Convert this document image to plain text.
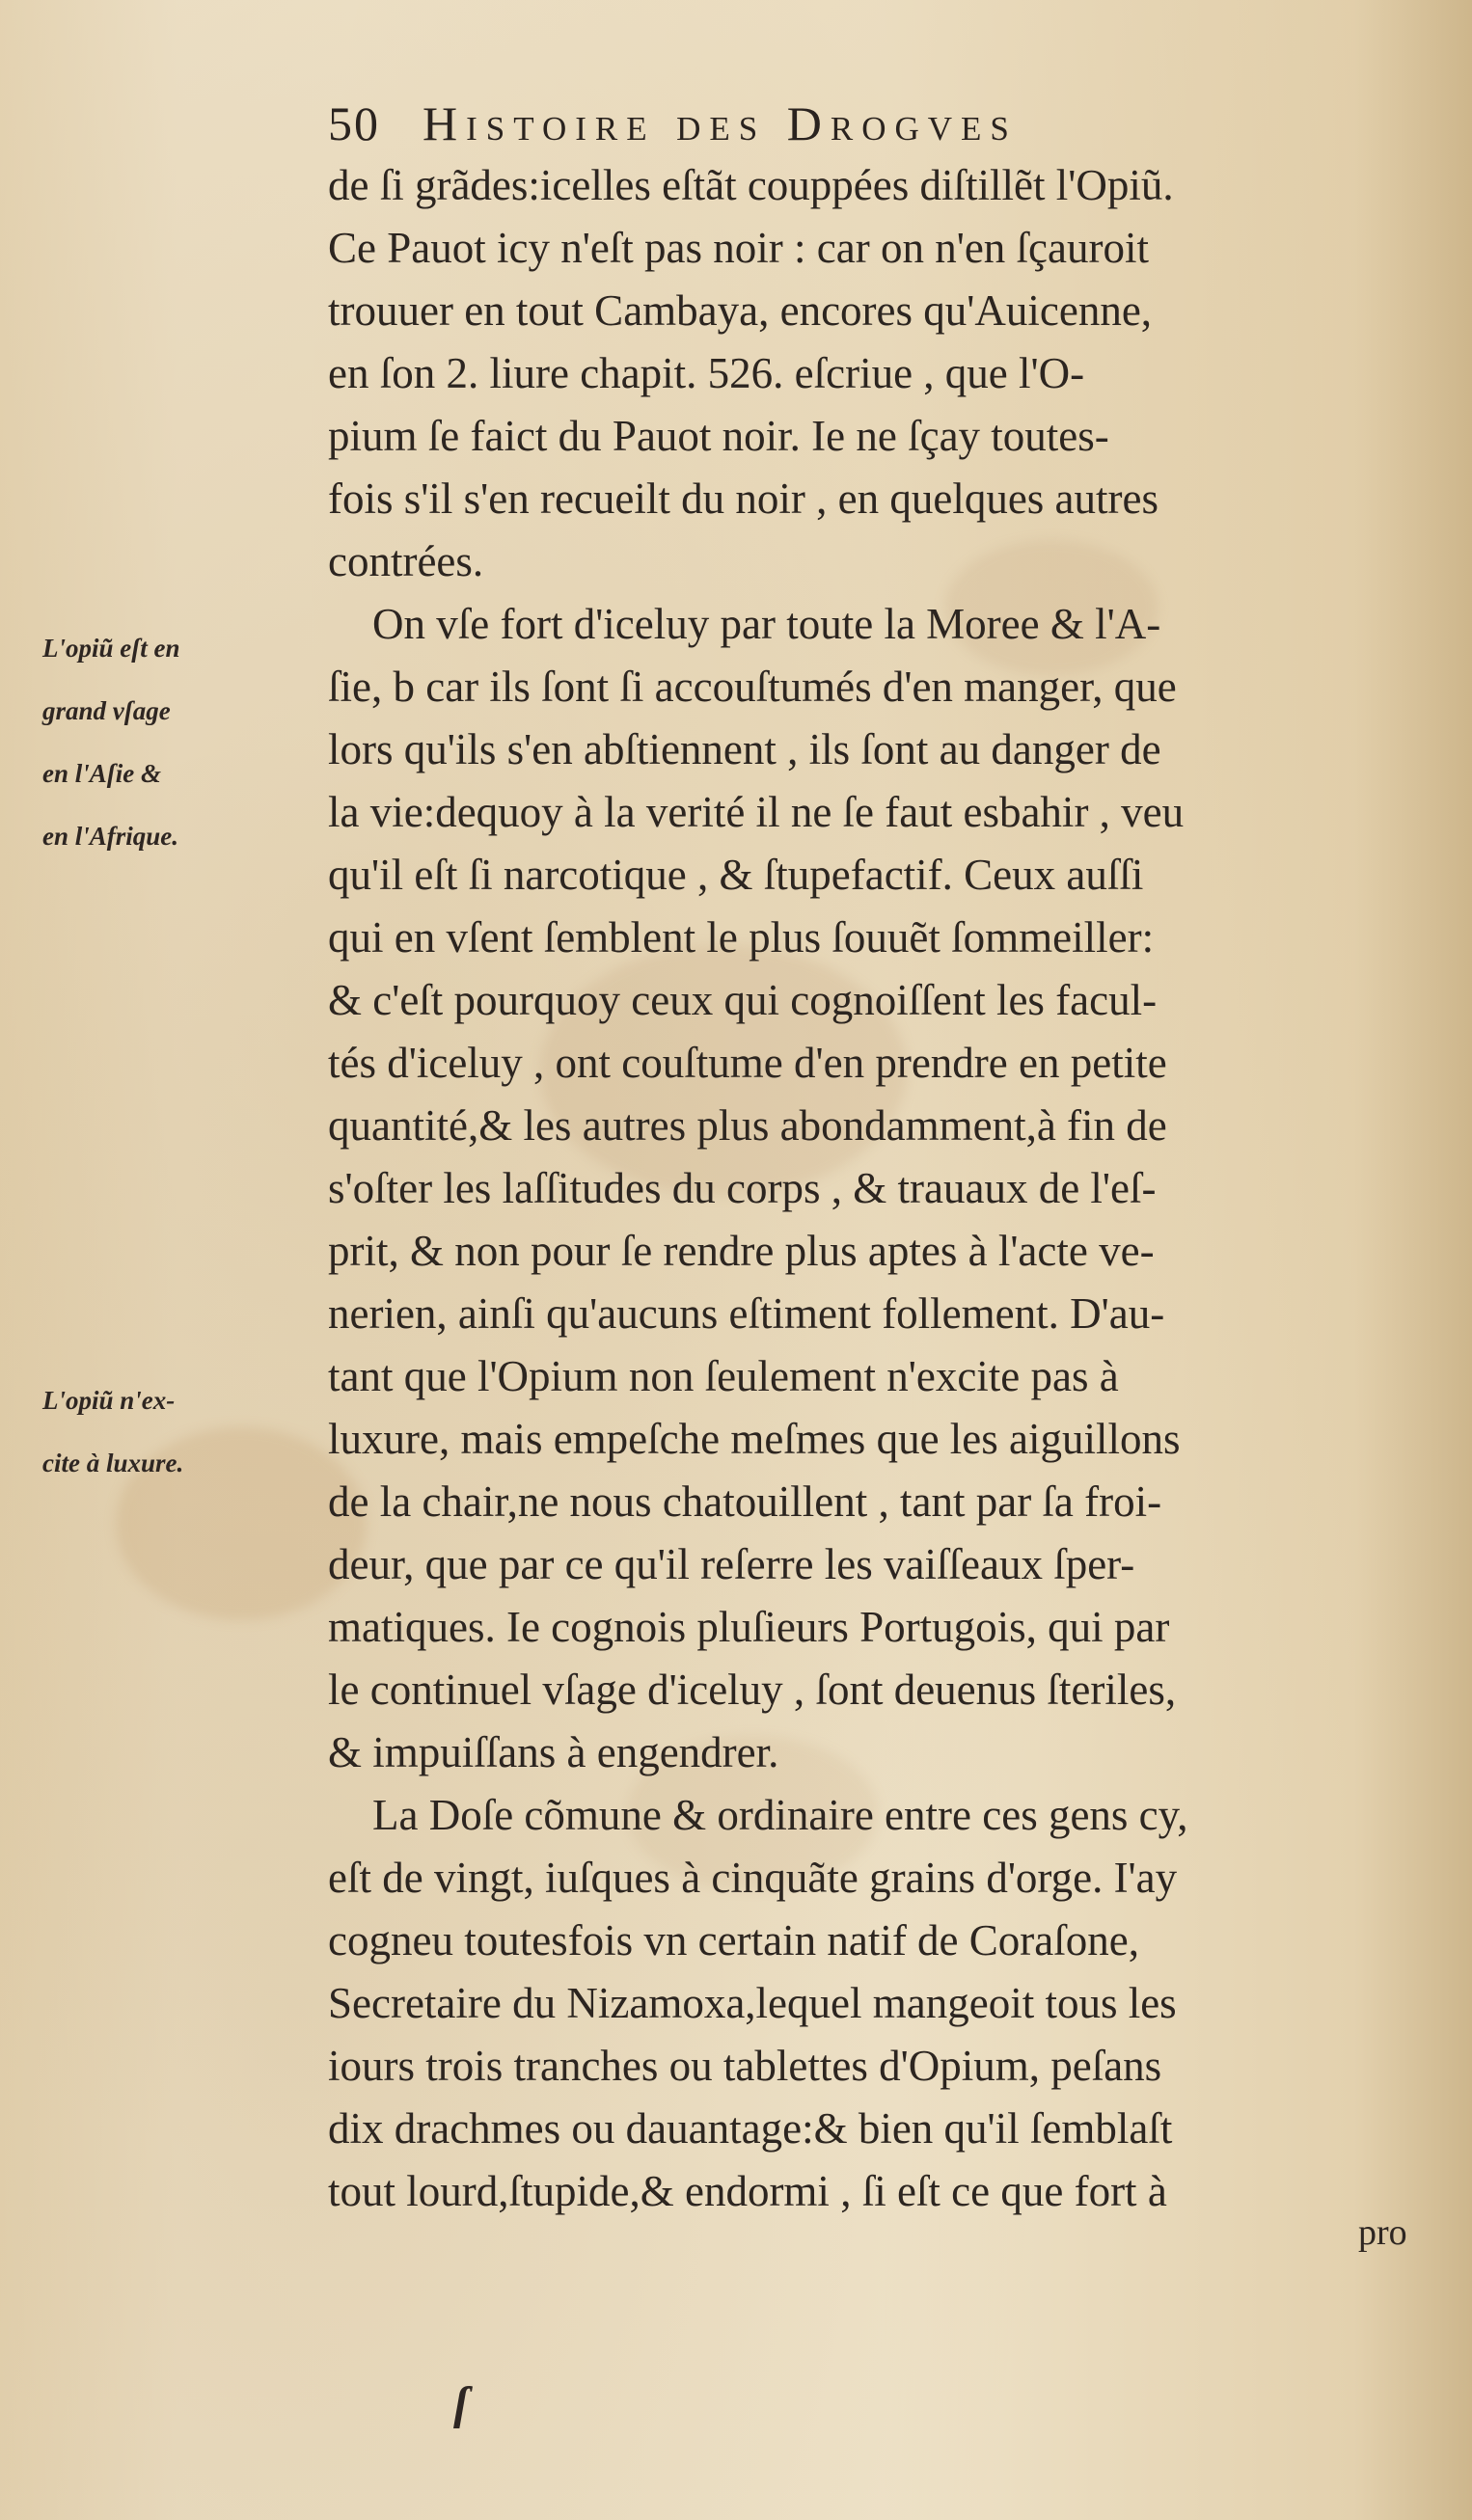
50 Histoire des Drogves
de ſi grãdes:icelles eſtãt couppées diſtillẽt l'Opiũ.
Ce Pauot icy n'eſt pas noir : car on n'en ſçauroit
trouuer en tout Cambaya, encores qu'Auicenne,
en ſon 2. liure chapit. 526. eſcriue , que l'O-
pium ſe faict du Pauot noir. Ie ne ſçay toutes-
fois s'il s'en recueilt du noir , en quelques autres
contrées.
On vſe fort d'iceluy par toute la Moree & l'A-
ſie, b car ils ſont ſi accouſtumés d'en manger, que
lors qu'ils s'en abſtiennent , ils ſont au danger de
la vie:dequoy à la verité il ne ſe faut esbahir , veu
qu'il eſt ſi narcotique , & ſtupefactif. Ceux auſſi
qui en vſent ſemblent le plus ſouuẽt ſommeiller:
& c'eſt pourquoy ceux qui cognoiſſent les facul-
tés d'iceluy , ont couſtume d'en prendre en petite
quantité,& les autres plus abondamment,à fin de
s'oſter les laſſitudes du corps , & trauaux de l'eſ-
prit, & non pour ſe rendre plus aptes à l'acte ve-
nerien, ainſi qu'aucuns eſtiment follement. D'au-
tant que l'Opium non ſeulement n'excite pas à
luxure, mais empeſche meſmes que les aiguillons
de la chair,ne nous chatouillent , tant par ſa froi-
deur, que par ce qu'il reſerre les vaiſſeaux ſper-
matiques. Ie cognois pluſieurs Portugois, qui par
le continuel vſage d'iceluy , ſont deuenus ſteriles,
& impuiſſans à engendrer.
La Doſe cõmune & ordinaire entre ces gens cy,
eſt de vingt, iuſques à cinquãte grains d'orge. I'ay
cogneu toutesfois vn certain natif de Coraſone,
Secretaire du Nizamoxa,lequel mangeoit tous les
iours trois tranches ou tablettes d'Opium, peſans
dix drachmes ou dauantage:& bien qu'il ſemblaſt
tout lourd,ſtupide,& endormi , ſi eſt ce que fort à
L'opiũ eſt en
grand vſage
en l'Aſie &
en l'Afrique.
L'opiũ n'ex-
cite à luxure.
pro
ſ
